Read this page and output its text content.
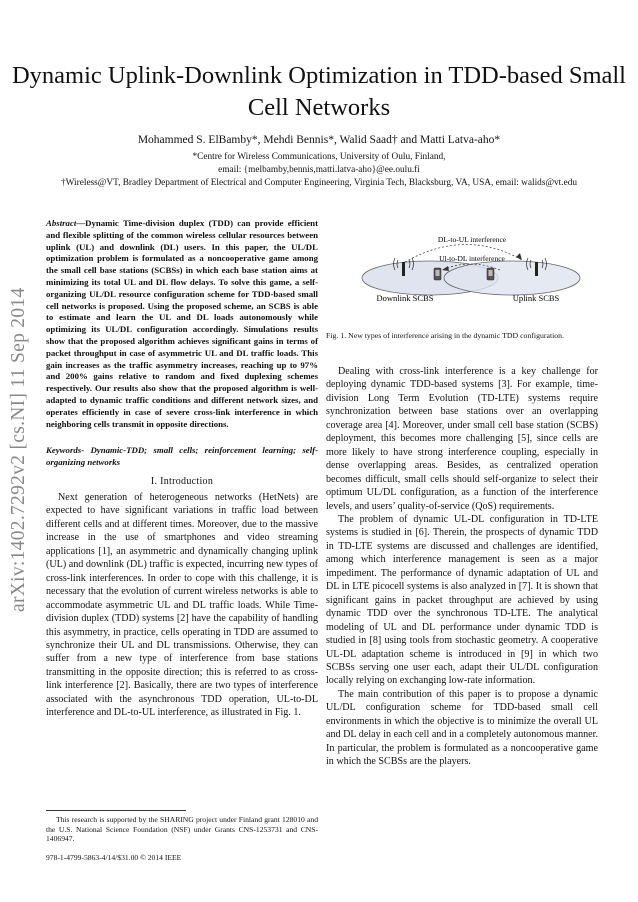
arXiv:1402.7292v2 [cs.NI] 11 Sep 2014
Dynamic Uplink-Downlink Optimization in TDD-based Small Cell Networks
Mohammed S. ElBamby*, Mehdi Bennis*, Walid Saad† and Matti Latva-aho*
*Centre for Wireless Communications, University of Oulu, Finland,
email: {melbamby,bennis,matti.latva-aho}@ee.oulu.fi
†Wireless@VT, Bradley Department of Electrical and Computer Engineering, Virginia Tech, Blacksburg, VA, USA, email: walids@vt.edu
Abstract—Dynamic Time-division duplex (TDD) can provide efficient and flexible splitting of the common wireless cellular resources between uplink (UL) and downlink (DL) users. In this paper, the UL/DL optimization problem is formulated as a noncooperative game among the small cell base stations (SCBSs) in which each base station aims at minimizing its total UL and DL flow delays. To solve this game, a self-organizing UL/DL resource configuration scheme for TDD-based small cell networks is proposed. Using the proposed scheme, an SCBS is able to estimate and learn the UL and DL loads autonomously while optimizing its UL/DL configuration accordingly. Simulations results show that the proposed algorithm achieves significant gains in terms of packet throughput in case of asymmetric UL and DL traffic loads. This gain increases as the traffic asymmetry increases, reaching up to 97% and 200% gains relative to random and fixed duplexing schemes respectively. Our results also show that the proposed algorithm is well- adapted to dynamic traffic conditions and different network sizes, and operates efficiently in case of severe cross-link interference in which neighboring cells transmit in opposite directions.
Keywords- Dynamic-TDD; small cells; reinforcement learning; self-organizing networks
I. Introduction

Next generation of heterogeneous networks (HetNets) are expected to have significant variations in traffic load between different cells and at different times. Moreover, due to the massive increase in the use of smartphones and video streaming applications [1], an asymmetric and dynamically changing uplink (UL) and downlink (DL) traffic is expected, incurring new types of cross-link interferences. In order to cope with this challenge, it is necessary that the evolution of current wireless networks is able to accommodate asymmetric UL and DL traffic loads. While Time-division duplex (TDD) systems [2] have the capability of handling this asymmetry, in practice, cells operating in TDD are assumed to synchronize their UL and DL transmissions. Otherwise, they can suffer from a new type of interference from base stations transmitting in the opposite direction; this is referred to as cross-link interference [2]. Basically, there are two types of interference associated with the asynchronous TDD operation, UL-to-DL interference and DL-to-UL interference, as illustrated in Fig. 1.

This research is supported by the SHARING project under Finland grant 128010 and the U.S. National Science Foundation (NSF) under Grants CNS-1253731 and CNS-1406947.
978-1-4799-5863-4/14/$31.00 © 2014 IEEE
DL-to-UL interference
Ul-to-DL interference
Downlink SCBS	Uplink SCBS
Fig. 1. New types of interference arising in the dynamic TDD configuration.

Dealing with cross-link interference is a key challenge for deploying dynamic TDD-based systems [3]. For example, time-division Long Term Evolution (TD-LTE) systems require synchronization between base stations over an overlapping coverage area [4]. Moreover, under small cell base station (SCBS) deployment, this becomes more challenging [5], since cells are more likely to have strong interference coupling, especially in dense overlapping areas. Besides, as centralized operation becomes difficult, small cells should self-organize to select their optimum UL/DL configuration, as a function of the interference levels, and users’ quality-of-service (QoS) requirements.

The problem of dynamic UL-DL configuration in TD-LTE systems is studied in [6]. Therein, the prospects of dynamic TDD in TD-LTE systems are discussed and challenges are identified, among which interference management is seen as a major impediment. The performance of dynamic adaptation of UL and DL in LTE picocell systems is also analyzed in [7]. It is shown that significant gains in packet throughput are achieved by using dynamic TDD over the synchronous TD-LTE. The analytical modeling of UL and DL performance under dynamic TDD is studied in [8] using tools from stochastic geometry. A cooperative UL-DL adaptation scheme is introduced in [9] in which two SCBSs serving one user each, adapt their UL/DL configuration locally relying on exchanging low-rate information.

The main contribution of this paper is to propose a dynamic UL/DL configuration scheme for TDD-based small cell environments in which the objective is to minimize the overall UL and DL delay in each cell and in a completely autonomous manner. In particular, the problem is formulated as a noncooperative game in which the SCBSs are the players.
